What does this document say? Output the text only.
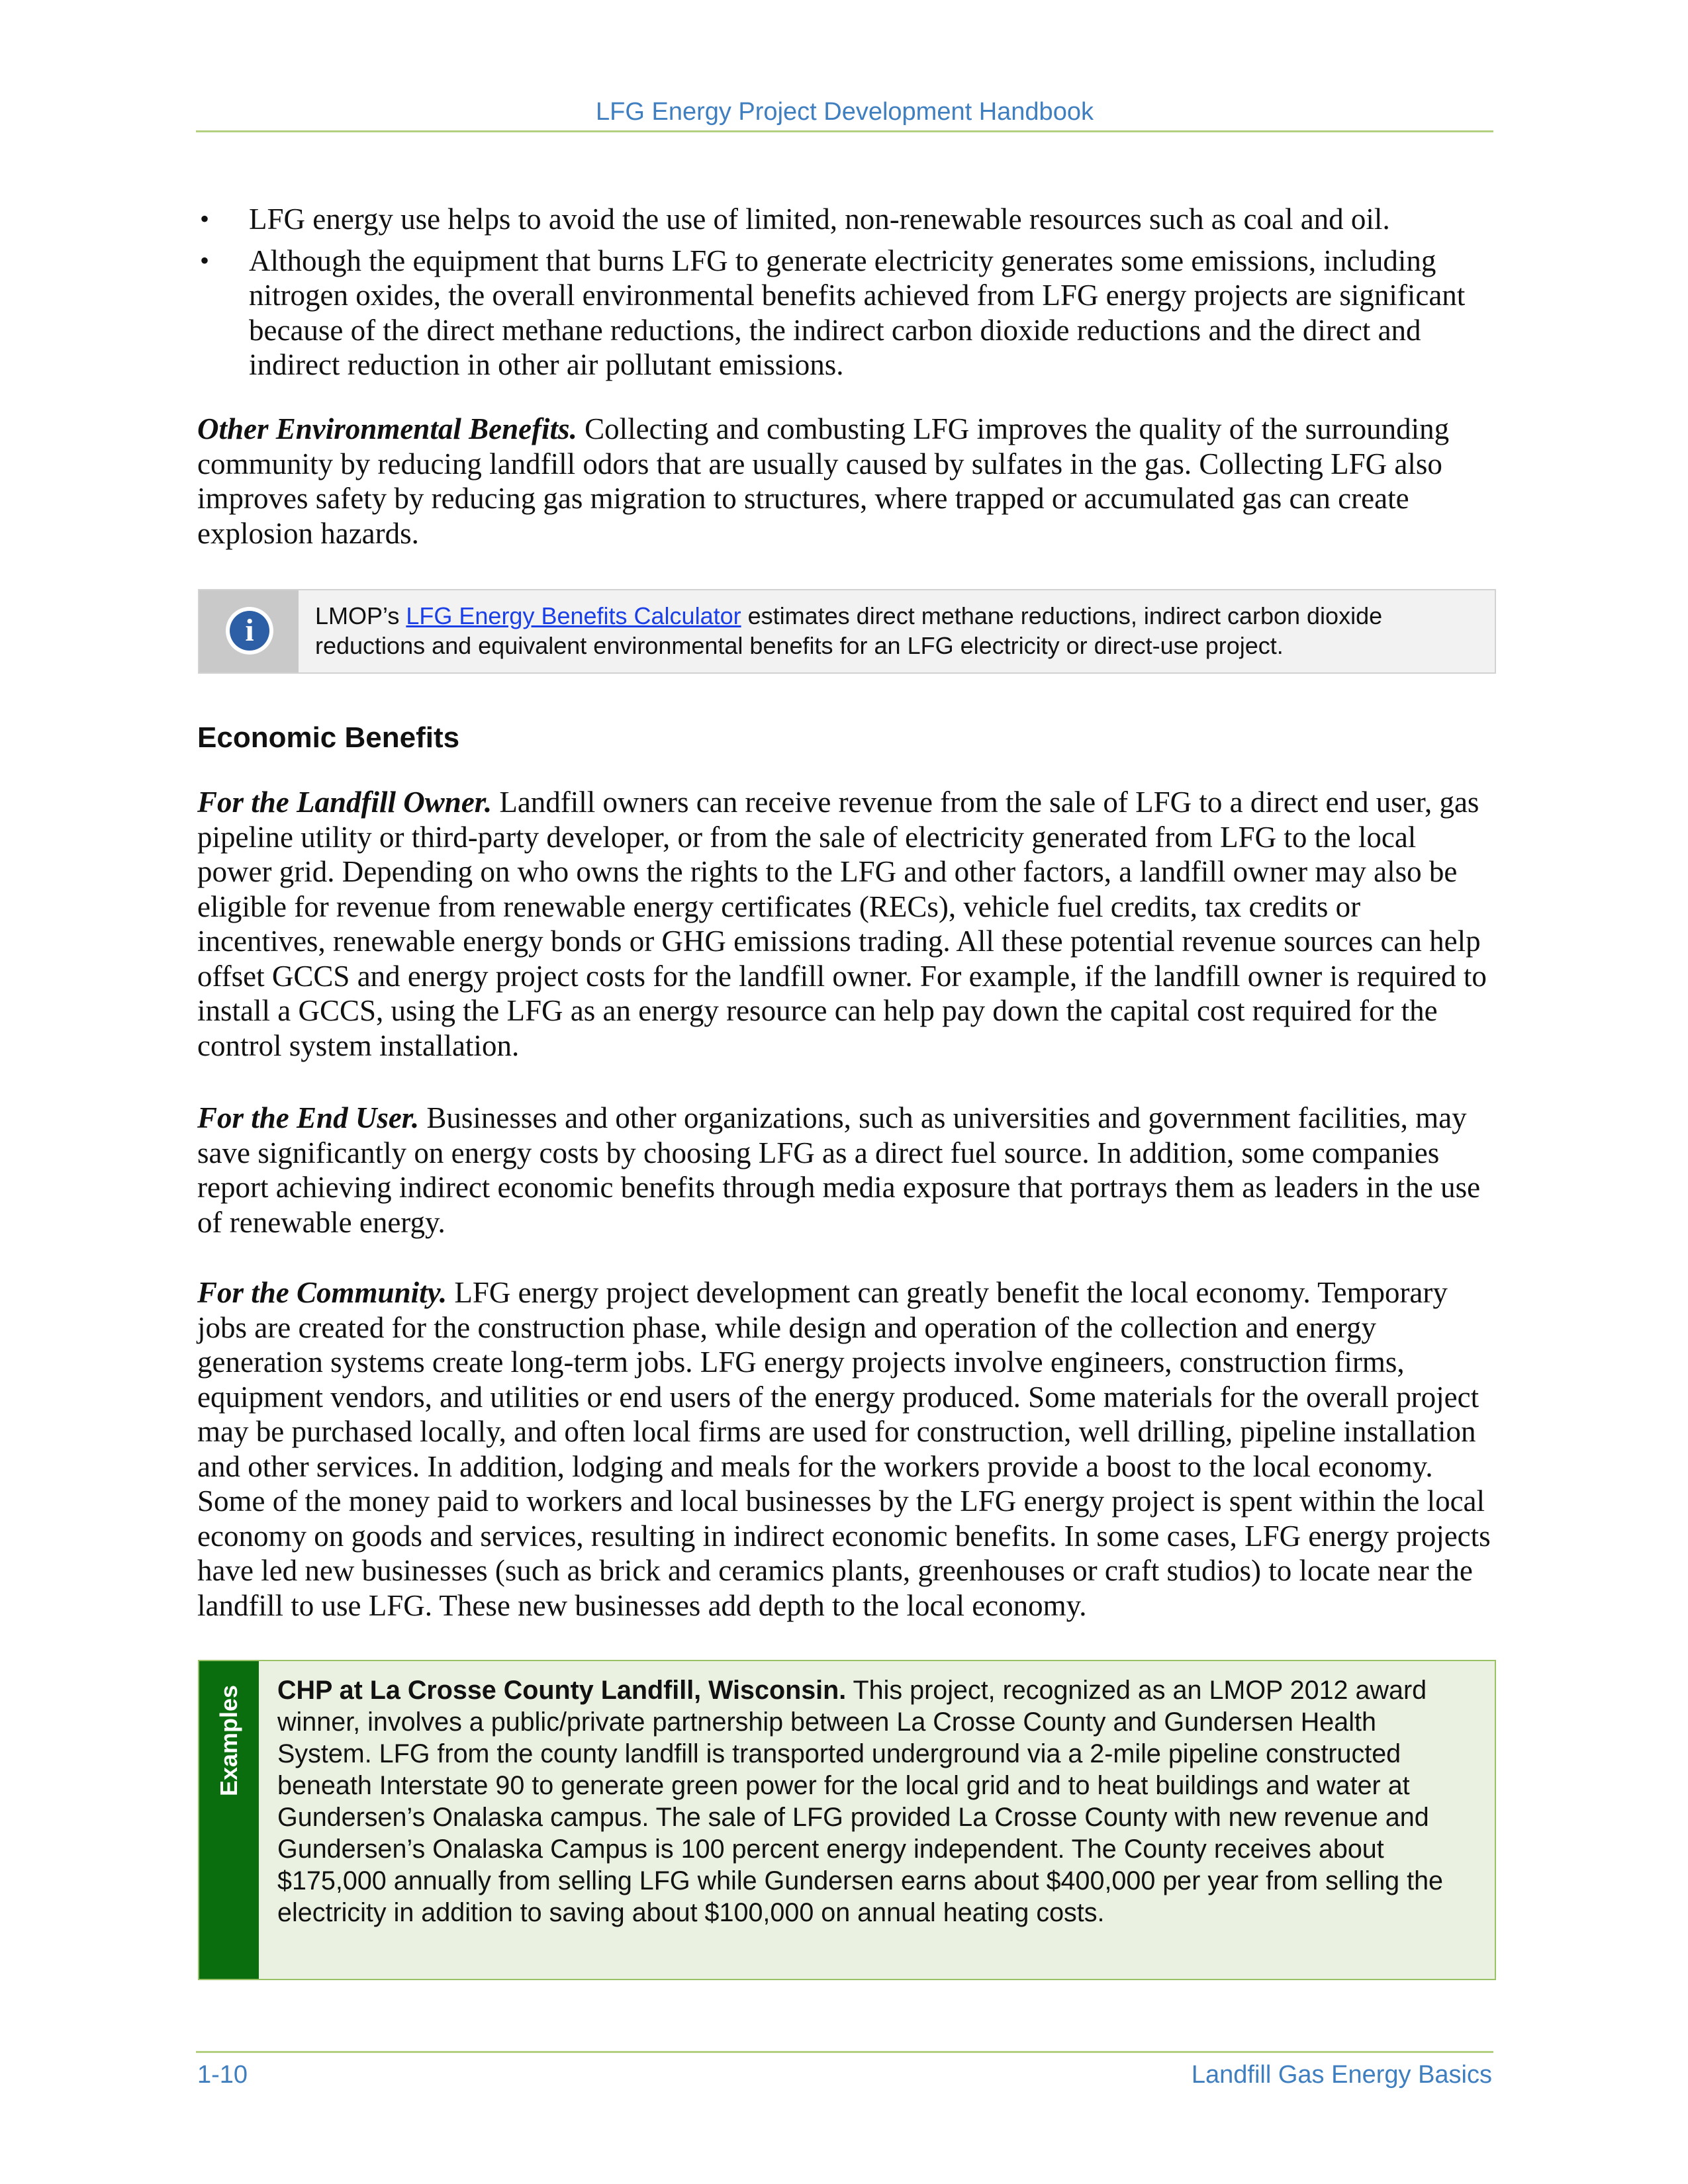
LFG Energy Project Development Handbook
• LFG energy use helps to avoid the use of limited, non-renewable resources such as coal and oil.
• Although the equipment that burns LFG to generate electricity generates some emissions, including nitrogen oxides, the overall environmental benefits achieved from LFG energy projects are significant because of the direct methane reductions, the indirect carbon dioxide reductions and the direct and indirect reduction in other air pollutant emissions.

Other Environmental Benefits. Collecting and combusting LFG improves the quality of the surrounding community by reducing landfill odors that are usually caused by sulfates in the gas. Collecting LFG also improves safety by reducing gas migration to structures, where trapped or accumulated gas can create explosion hazards.

i	LMOP’s LFG Energy Benefits Calculator estimates direct methane reductions, indirect carbon dioxide reductions and equivalent environmental benefits for an LFG electricity or direct-use project.
Economic Benefits

For the Landfill Owner. Landfill owners can receive revenue from the sale of LFG to a direct end user, gas pipeline utility or third-party developer, or from the sale of electricity generated from LFG to the local power grid. Depending on who owns the rights to the LFG and other factors, a landfill owner may also be eligible for revenue from renewable energy certificates (RECs), vehicle fuel credits, tax credits or incentives, renewable energy bonds or GHG emissions trading. All these potential revenue sources can help offset GCCS and energy project costs for the landfill owner. For example, if the landfill owner is required to install a GCCS, using the LFG as an energy resource can help pay down the capital cost required for the control system installation.

For the End User. Businesses and other organizations, such as universities and government facilities, may save significantly on energy costs by choosing LFG as a direct fuel source. In addition, some companies report achieving indirect economic benefits through media exposure that portrays them as leaders in the use of renewable energy.

For the Community. LFG energy project development can greatly benefit the local economy. Temporary jobs are created for the construction phase, while design and operation of the collection and energy generation systems create long-term jobs. LFG energy projects involve engineers, construction firms, equipment vendors, and utilities or end users of the energy produced. Some materials for the overall project may be purchased locally, and often local firms are used for construction, well drilling, pipeline installation and other services. In addition, lodging and meals for the workers provide a boost to the local economy. Some of the money paid to workers and local businesses by the LFG energy project is spent within the local economy on goods and services, resulting in indirect economic benefits. In some cases, LFG energy projects have led new businesses (such as brick and ceramics plants, greenhouses or craft studios) to locate near the landfill to use LFG. These new businesses add depth to the local economy.

Examples CHP at La Crosse County Landfill, Wisconsin. This project, recognized as an LMOP 2012 award winner, involves a public/private partnership between La Crosse County and Gundersen Health System. LFG from the county landfill is transported underground via a 2-mile pipeline constructed beneath Interstate 90 to generate green power for the local grid and to heat buildings and water at Gundersen’s Onalaska campus. The sale of LFG provided La Crosse County with new revenue and Gundersen’s Onalaska Campus is 100 percent energy independent. The County receives about $175,000 annually from selling LFG while Gundersen earns about $400,000 per year from selling the electricity in addition to saving about $100,000 on annual heating costs.
1-10	Landfill Gas Energy Basics
